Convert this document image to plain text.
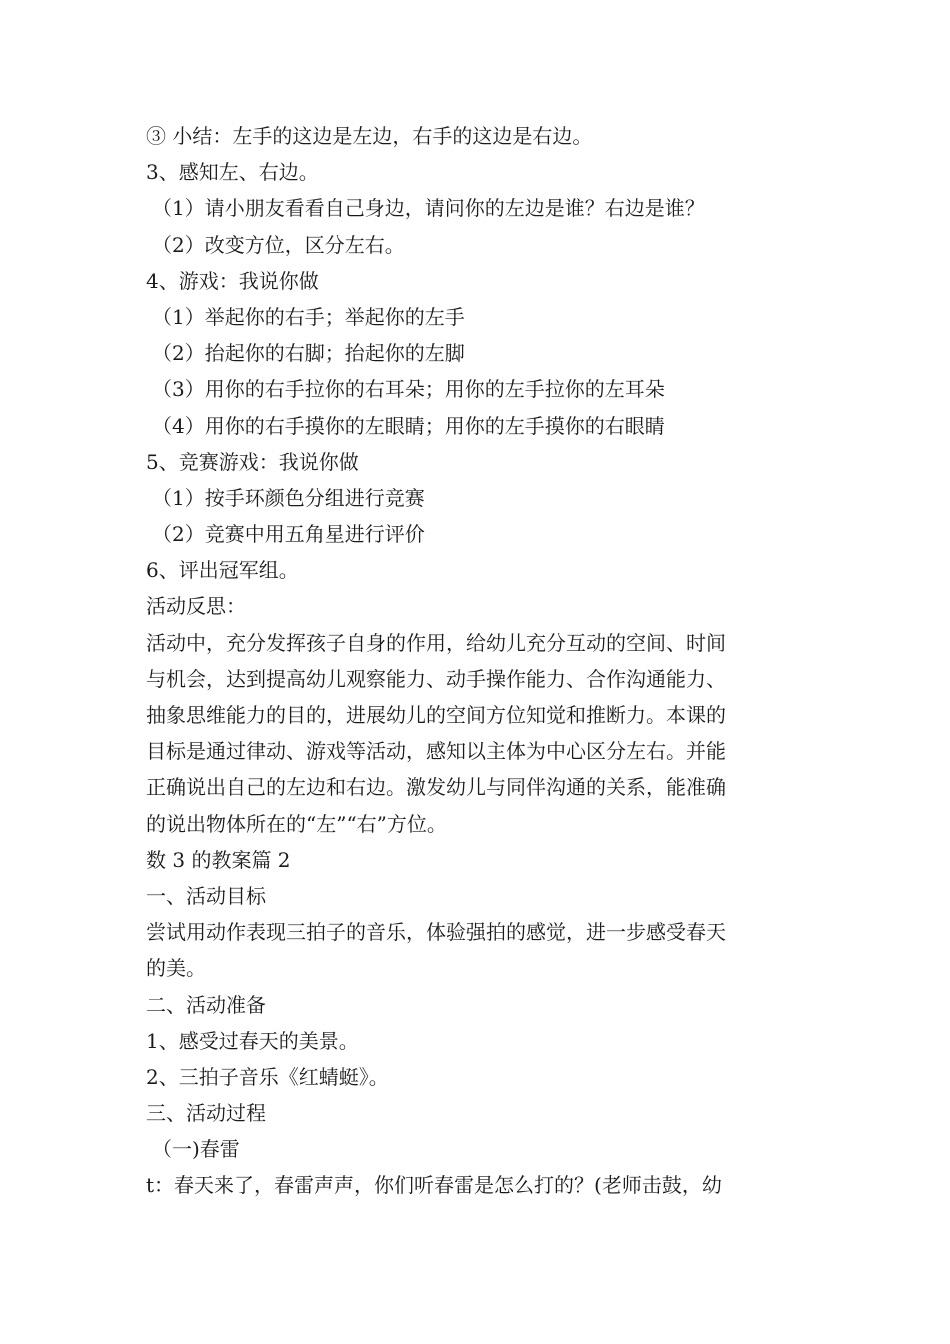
③ 小结：左手的这边是左边，右手的这边是右边。
3、感知左、右边。
（1）请小朋友看看自己身边，请问你的左边是谁？右边是谁？
（2）改变方位，区分左右。
4、游戏：我说你做
（1）举起你的右手；举起你的左手
（2）抬起你的右脚；抬起你的左脚
（3）用你的右手拉你的右耳朵；用你的左手拉你的左耳朵
（4）用你的右手摸你的左眼睛；用你的左手摸你的右眼睛
5、竞赛游戏：我说你做
（1）按手环颜色分组进行竞赛
（2）竞赛中用五角星进行评价
6、评出冠军组。
活动反思：
活动中，充分发挥孩子自身的作用，给幼儿充分互动的空间、时间
与机会，达到提高幼儿观察能力、动手操作能力、合作沟通能力、
抽象思维能力的目的，进展幼儿的空间方位知觉和推断力。本课的
目标是通过律动、游戏等活动，感知以主体为中心区分左右。并能
正确说出自己的左边和右边。激发幼儿与同伴沟通的关系，能准确
的说出物体所在的“左”“右”方位。
数 3 的教案篇 2
一、活动目标
尝试用动作表现三拍子的音乐，体验强拍的感觉，进一步感受春天
的美。
二、活动准备
1、感受过春天的美景。
2、三拍子音乐《红蜻蜓》。
三、活动过程
（一)春雷
t：春天来了，春雷声声，你们听春雷是怎么打的？(老师击鼓，幼
